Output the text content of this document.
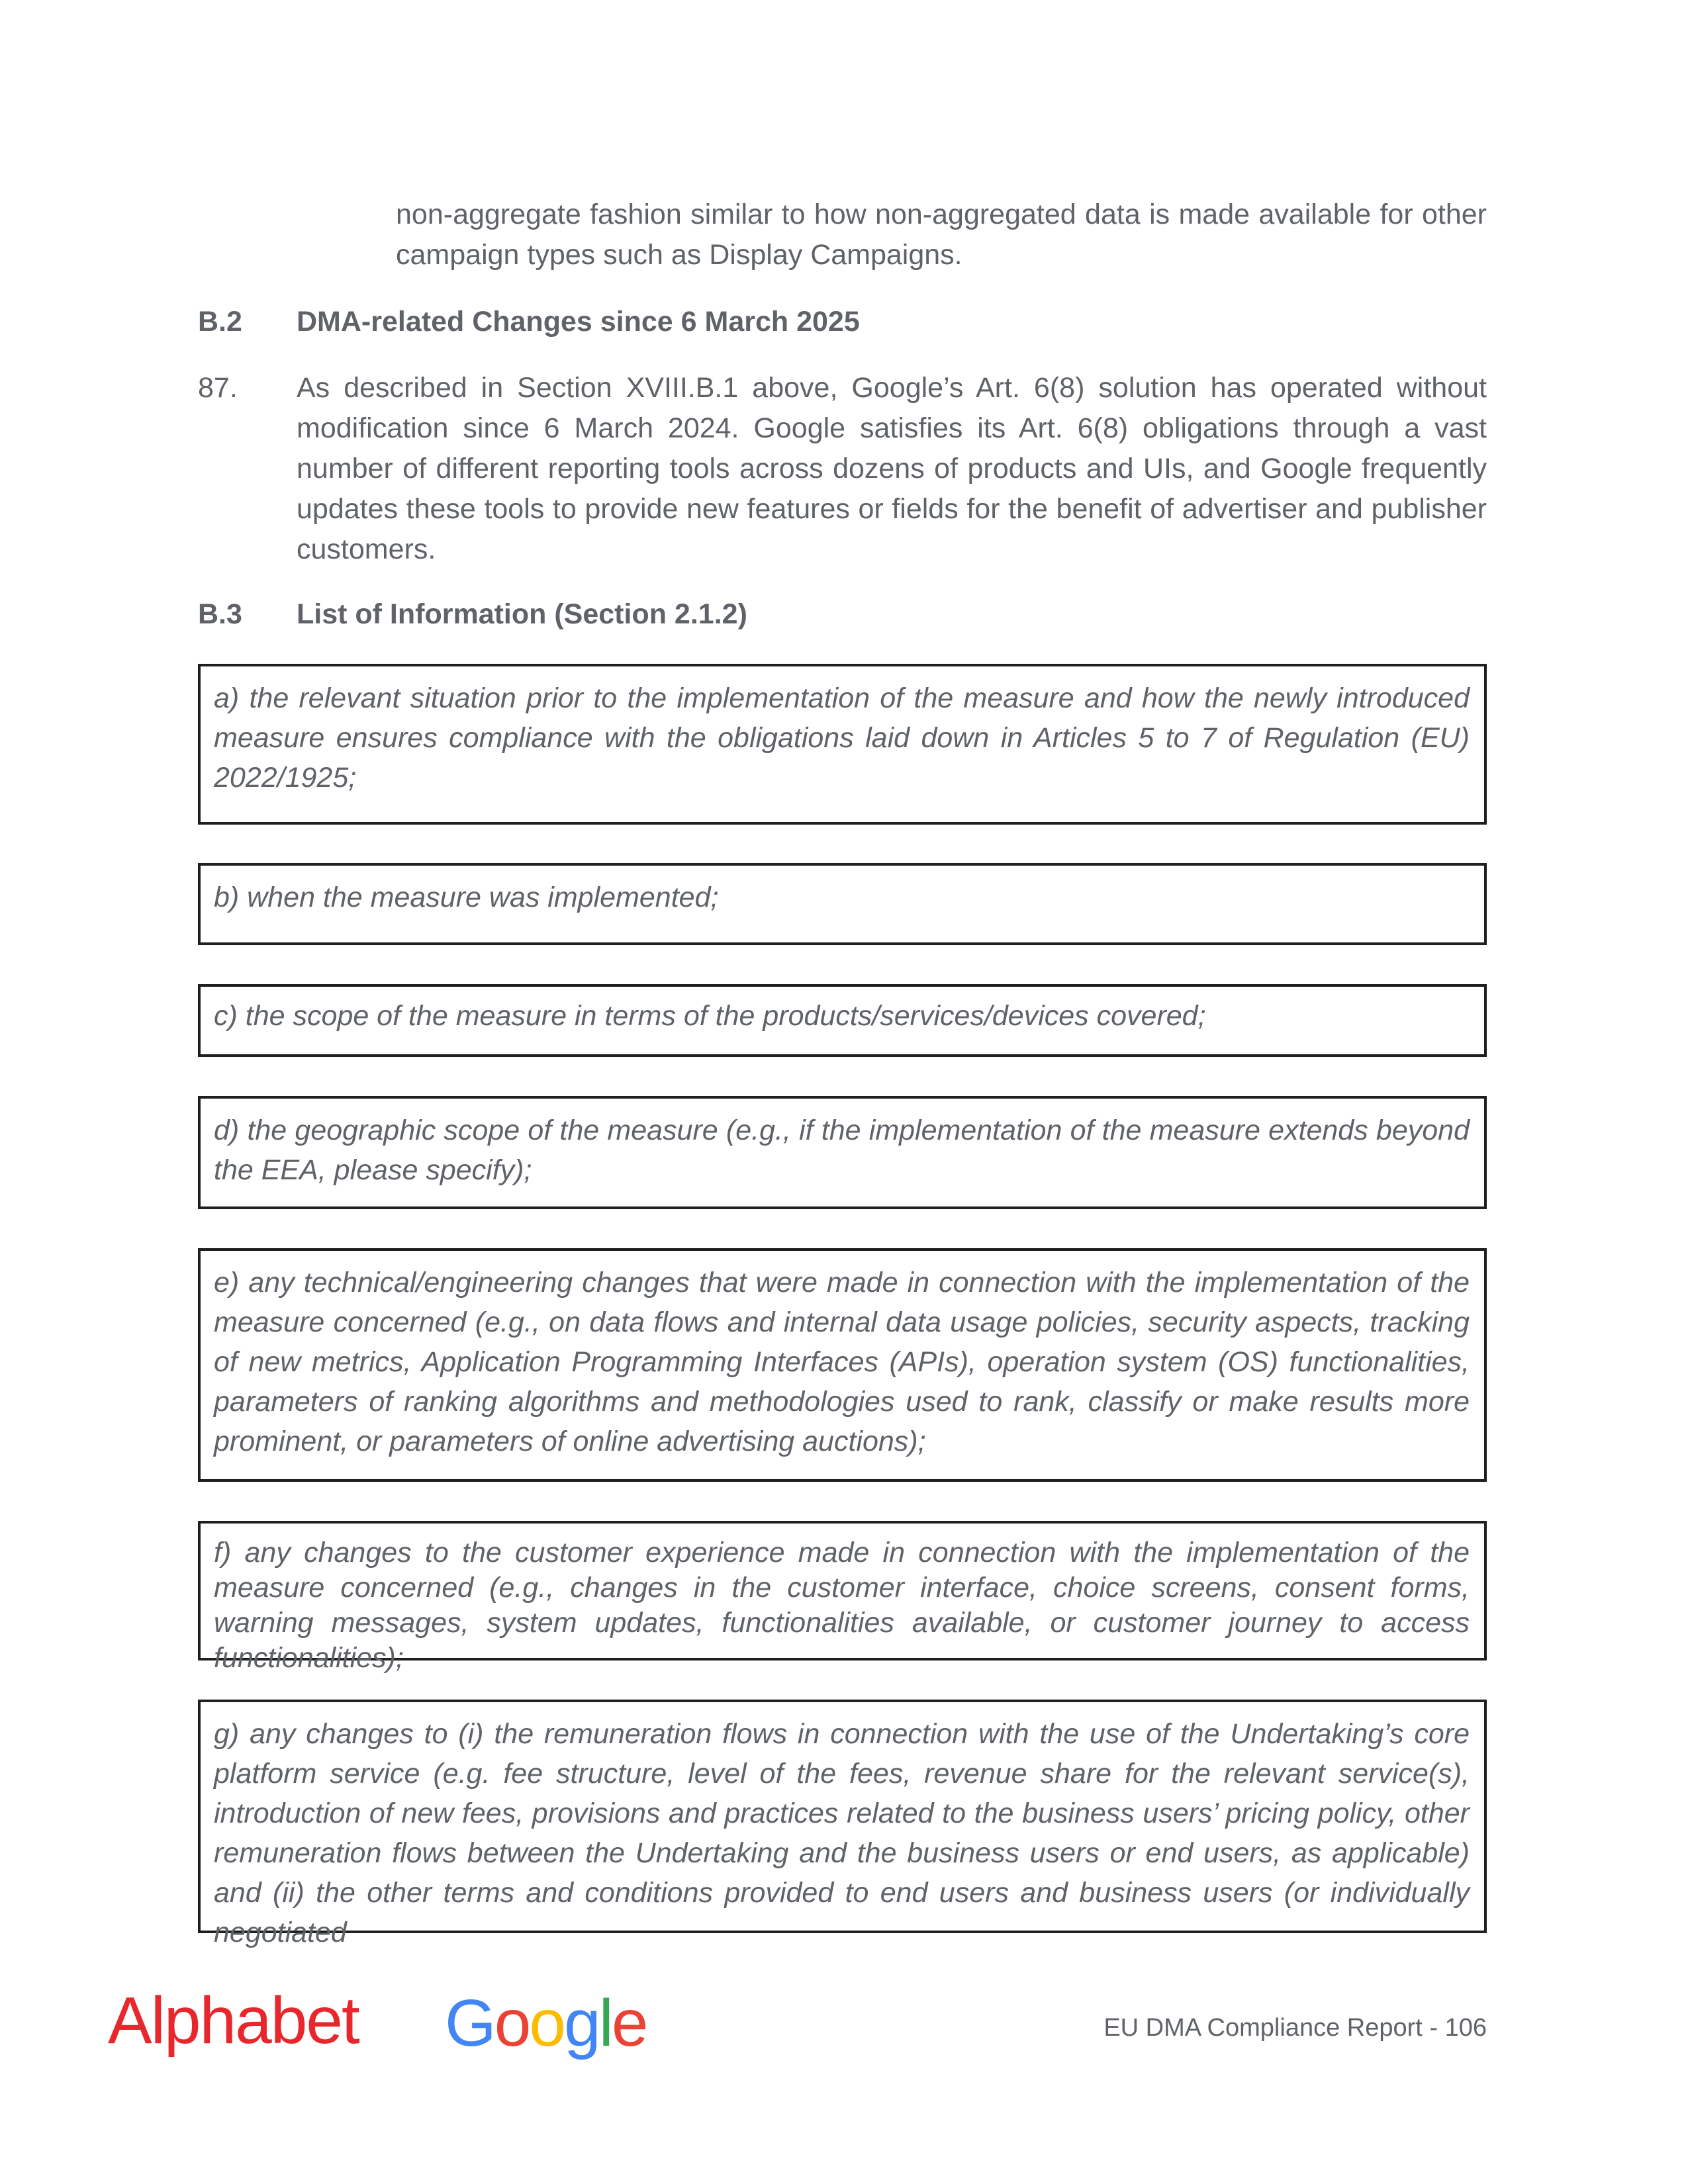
non-aggregate fashion similar to how non-aggregated data is made available for other campaign types such as Display Campaigns.

B.2 DMA-related Changes since 6 March 2025
87. As described in Section XVIII.B.1 above, Google’s Art. 6(8) solution has operated without modification since 6 March 2024. Google satisfies its Art. 6(8) obligations through a vast number of different reporting tools across dozens of products and UIs, and Google frequently updates these tools to provide new features or fields for the benefit of advertiser and publisher customers.

B.3 List of Information (Section 2.1.2)

a) the relevant situation prior to the implementation of the measure and how the newly introduced measure ensures compliance with the obligations laid down in Articles 5 to 7 of Regulation (EU) 2022/1925;

b) when the measure was implemented;

c) the scope of the measure in terms of the products/services/devices covered;

d) the geographic scope of the measure (e.g., if the implementation of the measure extends beyond the EEA, please specify);

e) any technical/engineering changes that were made in connection with the implementation of the measure concerned (e.g., on data flows and internal data usage policies, security aspects, tracking of new metrics, Application Programming Interfaces (APIs), operation system (OS) functionalities, parameters of ranking algorithms and methodologies used to rank, classify or make results more prominent, or parameters of online advertising auctions);

f) any changes to the customer experience made in connection with the implementation of the measure concerned (e.g., changes in the customer interface, choice screens, consent forms, warning messages, system updates, functionalities available, or customer journey to access functionalities);

g) any changes to (i) the remuneration flows in connection with the use of the Undertaking’s core platform service (e.g. fee structure, level of the fees, revenue share for the relevant service(s), introduction of new fees, provisions and practices related to the business users’ pricing policy, other remuneration flows between the Undertaking and the business users or end users, as applicable) and (ii) the other terms and conditions provided to end users and business users (or individually negotiated

Alphabet Google	EU DMA Compliance Report - 106
